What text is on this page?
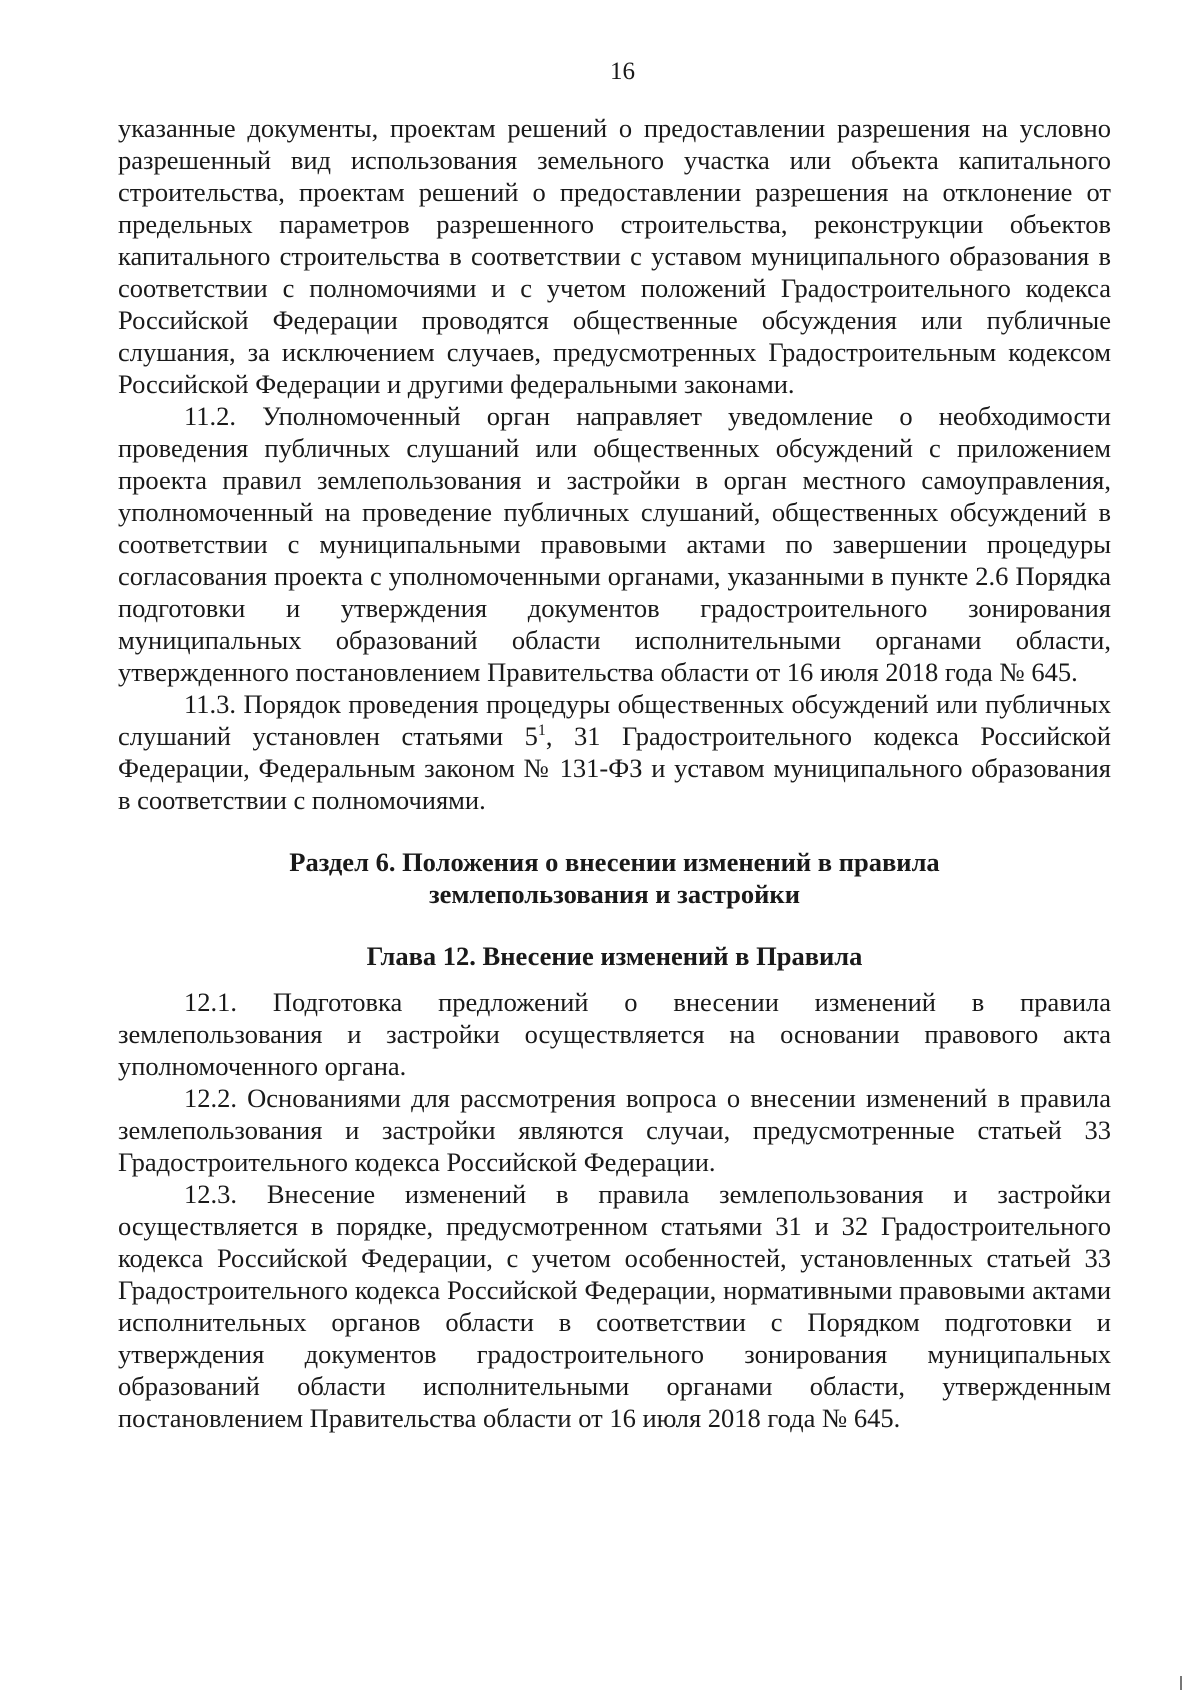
16

указанные документы, проектам решений о предоставлении разрешения на условно разрешенный вид использования земельного участка или объекта капитального строительства, проектам решений о предоставлении разрешения на отклонение от предельных параметров разрешенного строительства, реконструкции объектов капитального строительства в соответствии с уставом муниципального образования в соответствии с полномочиями и с учетом положений Градостроительного кодекса Российской Федерации проводятся общественные обсуждения или публичные слушания, за исключением случаев, предусмотренных Градостроительным кодексом Российской Федерации и другими федеральными законами.

11.2. Уполномоченный орган направляет уведомление о необходимости проведения публичных слушаний или общественных обсуждений с приложением проекта правил землепользования и застройки в орган местного самоуправления, уполномоченный на проведение публичных слушаний, общественных обсуждений в соответствии с муниципальными правовыми актами по завершении процедуры согласования проекта с уполномоченными органами, указанными в пункте 2.6 Порядка подготовки и утверждения документов градостроительного зонирования муниципальных образований области исполнительными органами области, утвержденного постановлением Правительства области от 16 июля 2018 года № 645.

11.3. Порядок проведения процедуры общественных обсуждений или публичных слушаний установлен статьями $5^1$, 31 Градостроительного кодекса Российской Федерации, Федеральным законом № 131-ФЗ и уставом муниципального образования в соответствии с полномочиями.

Раздел 6. Положения о внесении изменений в правила
землепользования и застройки
Глава 12. Внесение изменений в Правила

12.1. Подготовка предложений о внесении изменений в правила землепользования и застройки осуществляется на основании правового акта уполномоченного органа.

12.2. Основаниями для рассмотрения вопроса о внесении изменений в правила землепользования и застройки являются случаи, предусмотренные статьей 33 Градостроительного кодекса Российской Федерации.

12.3. Внесение изменений в правила землепользования и застройки осуществляется в порядке, предусмотренном статьями 31 и 32 Градостроительного кодекса Российской Федерации, с учетом особенностей, установленных статьей 33 Градостроительного кодекса Российской Федерации, нормативными правовыми актами исполнительных органов области в соответствии с Порядком подготовки и утверждения документов градостроительного зонирования муниципальных образований области исполнительными органами области, утвержденным постановлением Правительства области от 16 июля 2018 года № 645.
